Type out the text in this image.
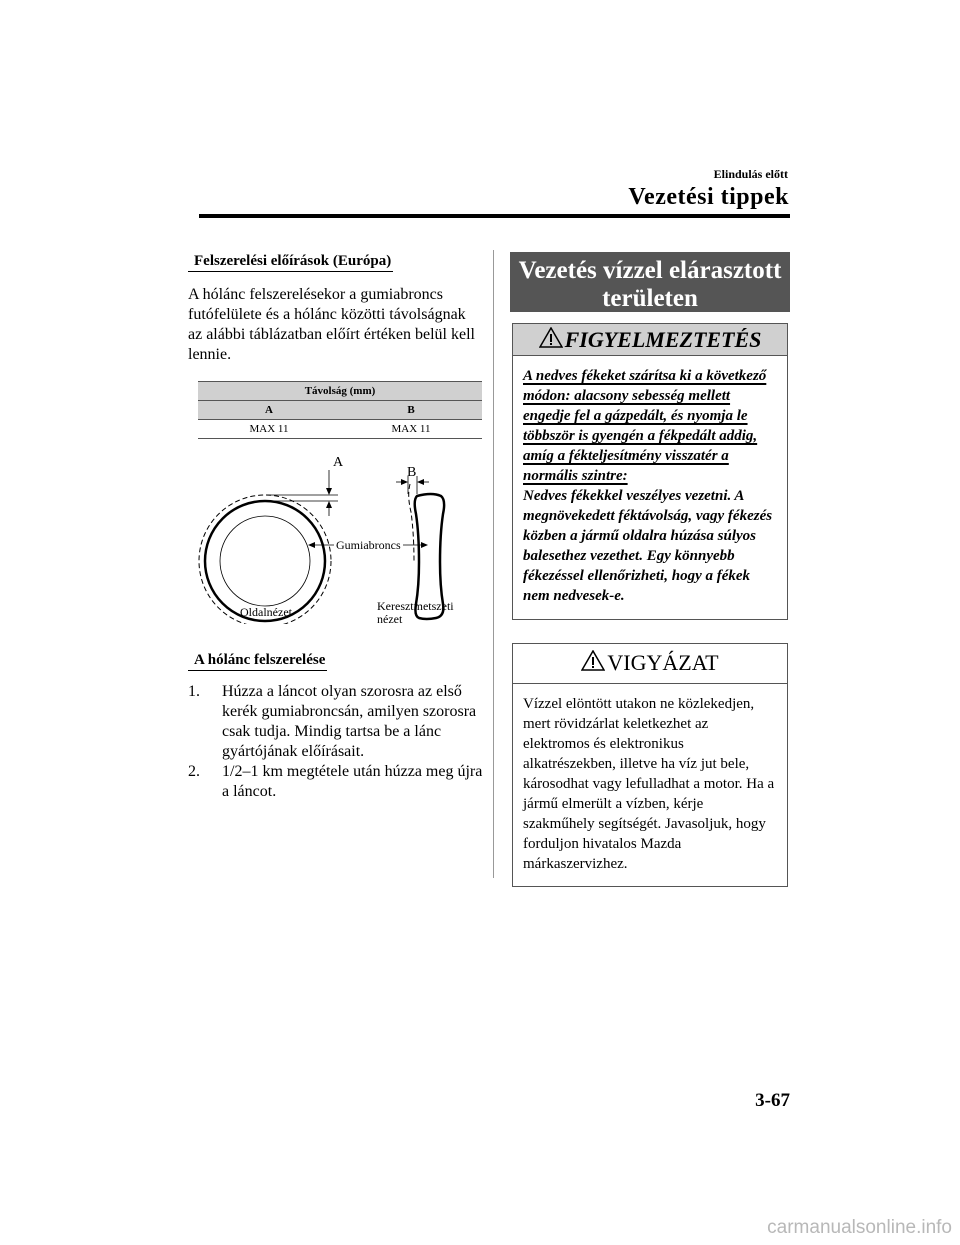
Elindulás előtt
Vezetési tippek
Felszerelési előírások (Európa)

A hólánc felszerelésekor a gumiabroncs futófelülete és a hólánc közötti távolságnak az alábbi táblázatban előírt értéken belül kell lennie.

Távolság (mm)	
A	B
MAX 11	MAX 11
A
B
Gumiabroncs
Oldalnézet	Keresztmetszeti nézet
A hólánc felszerelése
1.	Húzza a láncot olyan szorosra az első kerék gumiabroncsán, amilyen szorosra csak tudja. Mindig tartsa be a lánc gyártójának előírásait.
2.	1/2–1 km megtétele után húzza meg újra a láncot.
Vezetés vízzel elárasztott területen
FIGYELMEZTETÉS
A nedves fékeket szárítsa ki a következő módon: alacsony sebesség mellett engedje fel a gázpedált, és nyomja le többször is gyengén a fékpedált addig, amíg a fékteljesítmény visszatér a normális szintre:
Nedves fékekkel veszélyes vezetni. A megnövekedett féktávolság, vagy fékezés közben a jármű oldalra húzása súlyos balesethez vezethet. Egy könnyebb fékezéssel ellenőrizheti, hogy a fékek nem nedvesek-e.
VIGYÁZAT
Vízzel elöntött utakon ne közlekedjen, mert rövidzárlat keletkezhet az elektromos és elektronikus alkatrészekben, illetve ha víz jut bele, károsodhat vagy lefulladhat a motor. Ha a jármű elmerült a vízben, kérje szakműhely segítségét. Javasoljuk, hogy forduljon hivatalos Mazda márkaszervizhez.
3-67
carmanualsonline.info
